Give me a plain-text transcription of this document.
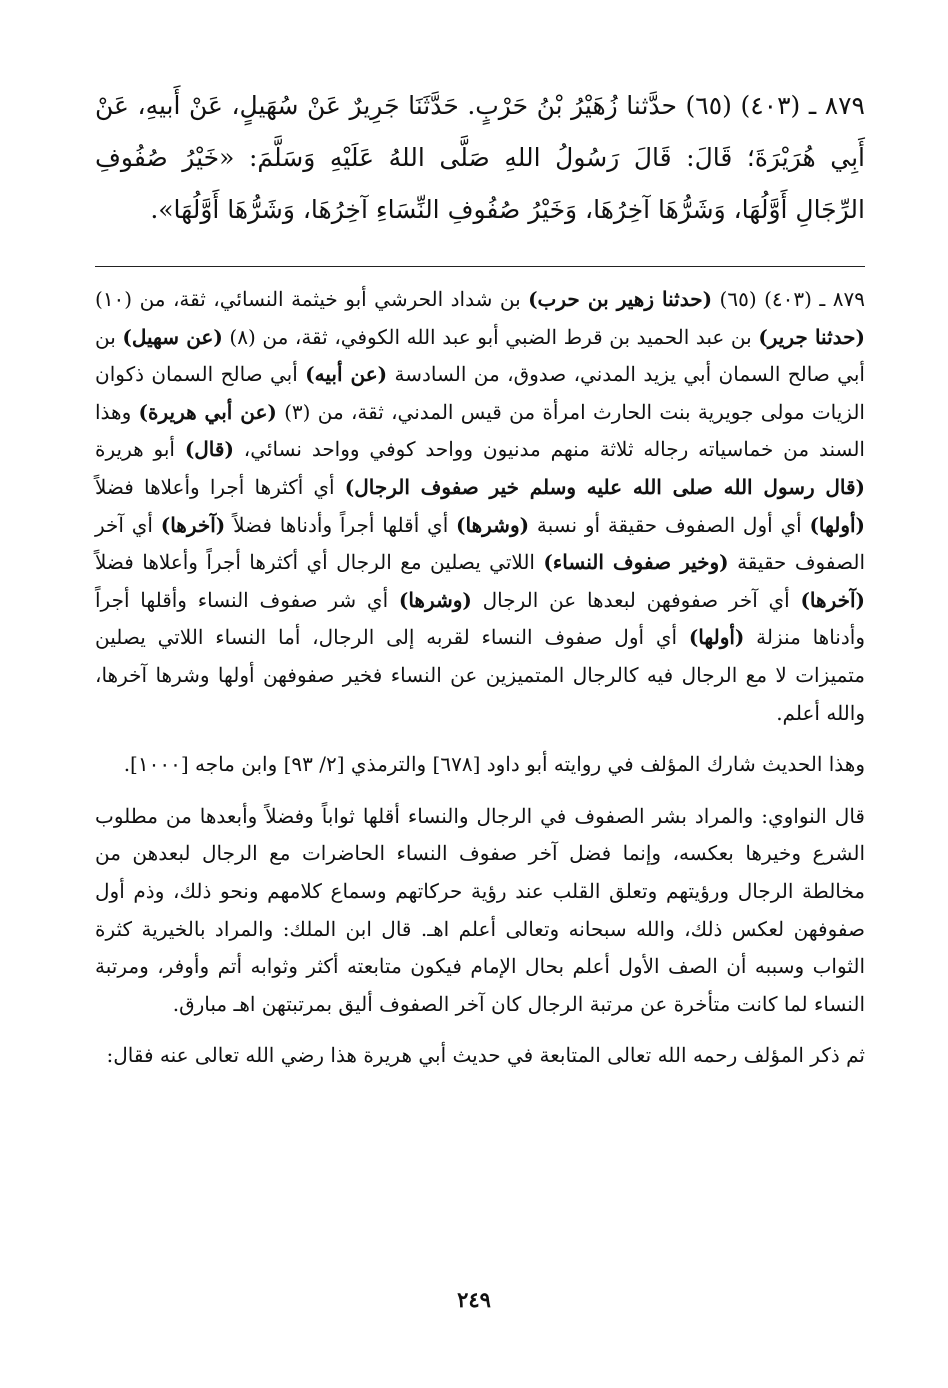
٨٧٩ ـ (٤٠٣) (٦٥) حدَّثنا زُهَيْرُ بْنُ حَرْبٍ. حَدَّثَنَا جَرِيرٌ عَنْ سُهَيلٍ، عَنْ أَبيهِ، عَنْ أَبِي هُرَيْرَةَ؛ قَالَ: قَالَ رَسُولُ اللهِ صَلَّى اللهُ عَلَيْهِ وَسَلَّمَ: «خَيْرُ صُفُوفِ الرِّجَالِ أَوَّلُهَا، وَشَرُّهَا آخِرُهَا، وَخَيْرُ صُفُوفِ النِّسَاءِ آخِرُهَا، وَشَرُّهَا أَوَّلُهَا».

٨٧٩ ـ (٤٠٣) (٦٥) (حدثنا زهير بن حرب) بن شداد الحرشي أبو خيثمة النسائي، ثقة، من (١٠) (حدثنا جرير) بن عبد الحميد بن قرط الضبي أبو عبد الله الكوفي، ثقة، من (٨) (عن سهيل) بن أبي صالح السمان أبي يزيد المدني، صدوق، من السادسة (عن أبيه) أبي صالح السمان ذكوان الزيات مولى جويرية بنت الحارث امرأة من قيس المدني، ثقة، من (٣) (عن أبي هريرة) وهذا السند من خماسياته رجاله ثلاثة منهم مدنيون وواحد كوفي وواحد نسائي، (قال) أبو هريرة (قال رسول الله صلى الله عليه وسلم خير صفوف الرجال) أي أكثرها أجرا وأعلاها فضلاً (أولها) أي أول الصفوف حقيقة أو نسبة (وشرها) أي أقلها أجراً وأدناها فضلاً (آخرها) أي آخر الصفوف حقيقة (وخير صفوف النساء) اللاتي يصلين مع الرجال أي أكثرها أجراً وأعلاها فضلاً (آخرها) أي آخر صفوفهن لبعدها عن الرجال (وشرها) أي شر صفوف النساء وأقلها أجراً وأدناها منزلة (أولها) أي أول صفوف النساء لقربه إلى الرجال، أما النساء اللاتي يصلين متميزات لا مع الرجال فيه كالرجال المتميزين عن النساء فخير صفوفهن أولها وشرها آخرها، والله أعلم.

وهذا الحديث شارك المؤلف في روايته أبو داود [٦٧٨] والترمذي [٢/ ٩٣] وابن ماجه [١٠٠٠].

قال النواوي: والمراد بشر الصفوف في الرجال والنساء أقلها ثواباً وفضلاً وأبعدها من مطلوب الشرع وخيرها بعكسه، وإنما فضل آخر صفوف النساء الحاضرات مع الرجال لبعدهن من مخالطة الرجال ورؤيتهم وتعلق القلب عند رؤية حركاتهم وسماع كلامهم ونحو ذلك، وذم أول صفوفهن لعكس ذلك، والله سبحانه وتعالى أعلم اهـ. قال ابن الملك: والمراد بالخيرية كثرة الثواب وسببه أن الصف الأول أعلم بحال الإمام فيكون متابعته أكثر وثوابه أتم وأوفر، ومرتبة النساء لما كانت متأخرة عن مرتبة الرجال كان آخر الصفوف أليق بمرتبتهن اهـ مبارق.

ثم ذكر المؤلف رحمه الله تعالى المتابعة في حديث أبي هريرة هذا رضي الله تعالى عنه فقال:

٢٤٩
